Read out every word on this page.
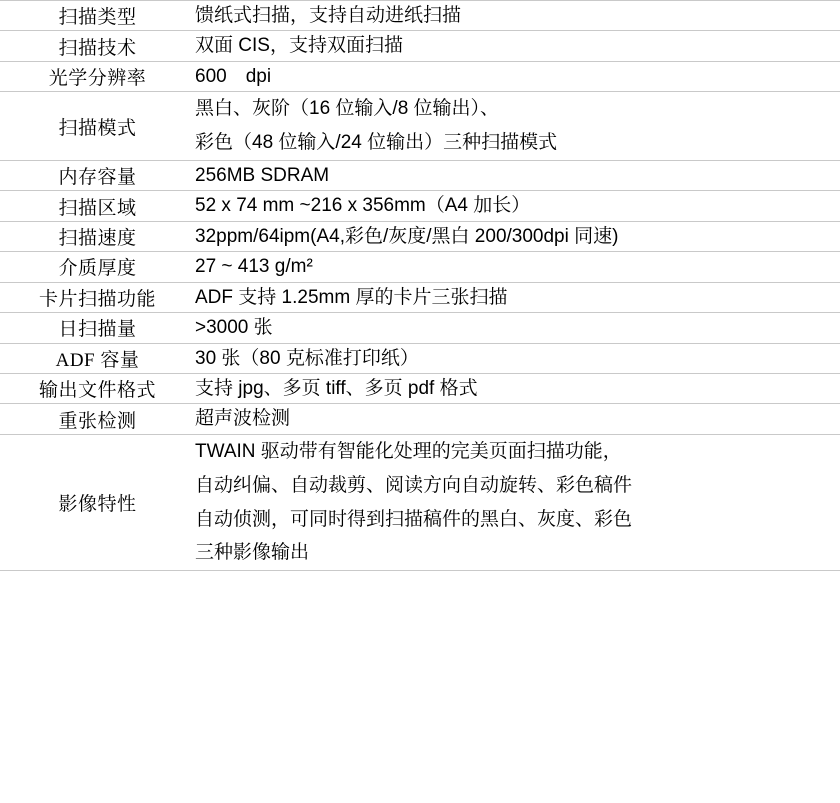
扫描类型	馈纸式扫描，支持自动进纸扫描

扫描技术	双面 CIS，支持双面扫描

光学分辨率	600　dpi

扫描模式	黑白、灰阶（16 位输入/8 位输出）、
彩色（48 位输入/24 位输出）三种扫描模式

内存容量	256MB SDRAM

扫描区域	52 x 74 mm ~216 x 356mm（A4 加长）

扫描速度	32ppm/64ipm(A4,彩色/灰度/黑白 200/300dpi 同速)

介质厚度	27 ~ 413 g/m²

卡片扫描功能	ADF 支持 1.25mm 厚的卡片三张扫描

日扫描量	>3000 张

ADF 容量	30 张（80 克标准打印纸）

输出文件格式	支持 jpg、多页 tiff、多页 pdf 格式

重张检测	超声波检测

影像特性	TWAIN 驱动带有智能化处理的完美页面扫描功能，
自动纠偏、自动裁剪、阅读方向自动旋转、彩色稿件
自动侦测，可同时得到扫描稿件的黑白、灰度、彩色
三种影像输出
